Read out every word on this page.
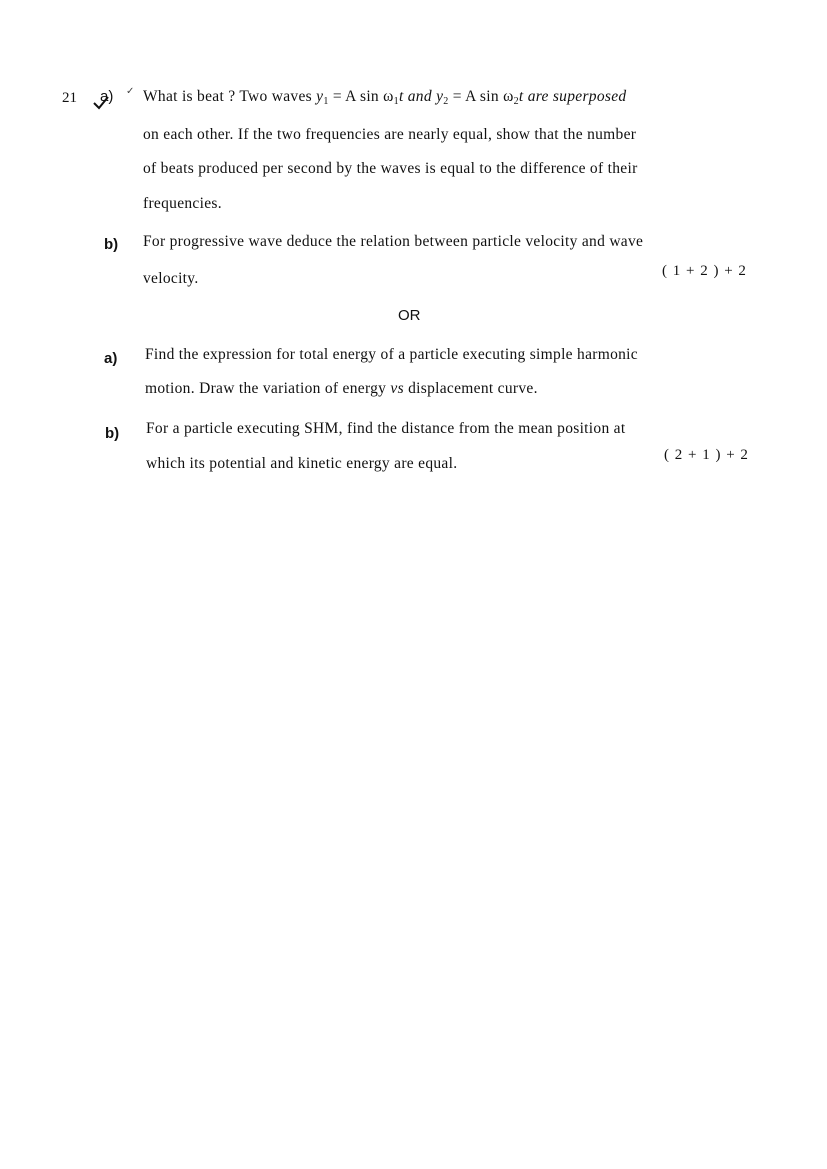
21 a) ✓ What is beat ? Two waves $y_1 = A$ $\sin \omega_1t$ and $y_2 = A$ $\sin \omega_2t$ are superposed
on each other. If the two frequencies are nearly equal, show that the number
of beats produced per second by the waves is equal to the difference of their
frequencies.
b) For progressive wave deduce the relation between particle velocity and wave
velocity.	( 1 + 2 ) + 2
OR
a) Find the expression for total energy of a particle executing simple harmonic
motion. Draw the variation of energy vs displacement curve.
b) For a particle executing SHM, find the distance from the mean position at
which its potential and kinetic energy are equal.	( 2 + 1 ) + 2
